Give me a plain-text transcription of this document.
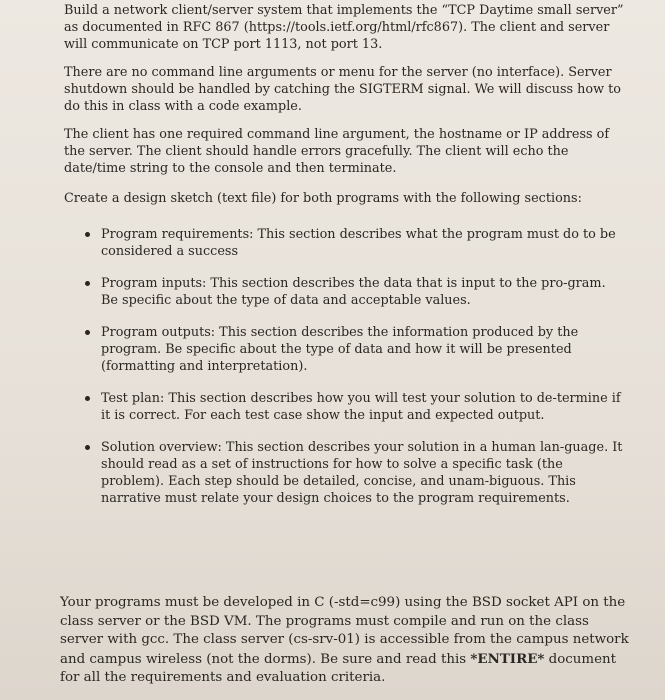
Build a network client/server system that implements the “TCP Daytime small server” as documented in RFC 867 (https://tools.ietf.org/html/rfc867). The client and server will communicate on TCP port 1113, not port 13.

There are no command line arguments or menu for the server (no interface). Server shutdown should be handled by catching the SIGTERM signal. We will discuss how to do this in class with a code example.

The client has one required command line argument, the hostname or IP address of the server. The client should handle errors gracefully. The client will echo the date/time string to the console and then terminate.

Create a design sketch (text file) for both programs with the following sections:

Program requirements: This section describes what the program must do to be considered a success
Program inputs: This section describes the data that is input to the pro-gram. Be specific about the type of data and acceptable values.
Program outputs: This section describes the information produced by the program. Be specific about the type of data and how it will be presented (formatting and interpretation).
Test plan: This section describes how you will test your solution to de-termine if it is correct. For each test case show the input and expected output.
Solution overview: This section describes your solution in a human lan-guage. It should read as a set of instructions for how to solve a specific task (the problem). Each step should be detailed, concise, and unam-biguous. This narrative must relate your design choices to the program requirements.

Your programs must be developed in C (-std=c99) using the BSD socket API on the class server or the BSD VM. The programs must compile and run on the class server with gcc. The class server (cs-srv-01) is accessible from the campus network and campus wireless (not the dorms). Be sure and read this *ENTIRE* document for all the requirements and evaluation criteria.
